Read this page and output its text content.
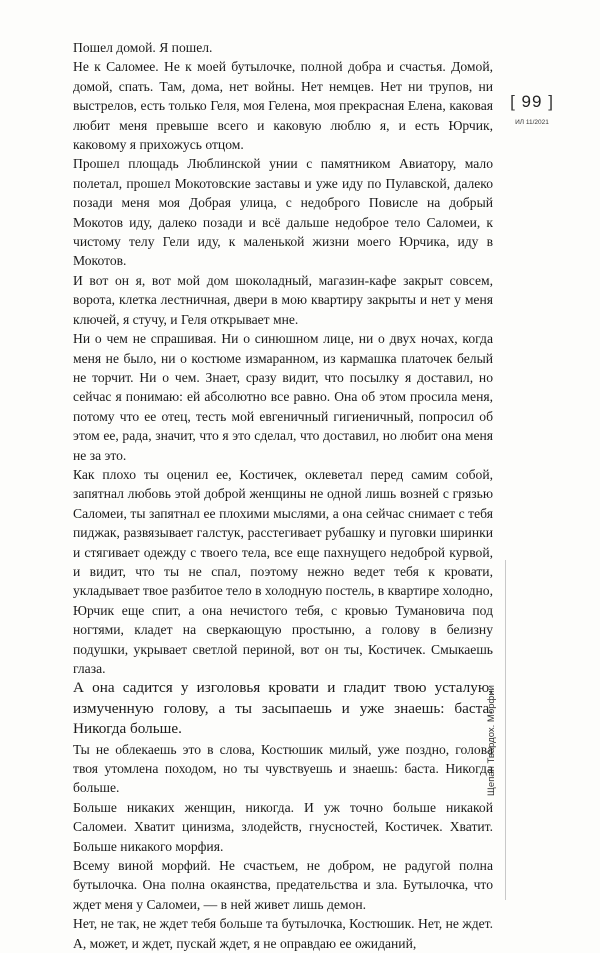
Пошел домой. Я пошел.

Не к Саломее. Не к моей бутылочке, полной добра и счастья. Домой, домой, спать. Там, дома, нет войны. Нет немцев. Нет ни трупов, ни выстрелов, есть только Геля, моя Гелена, моя прекрасная Елена, каковая любит меня превыше всего и каковую люблю я, и есть Юрчик, каковому я прихожусь отцом.

Прошел площадь Люблинской унии с памятником Авиатору, мало полетал, прошел Мокотовские заставы и уже иду по Пулавской, далеко позади меня моя Добрая улица, с недоброго Повисле на добрый Мокотов иду, далеко позади и всё дальше недоброе тело Саломеи, к чистому телу Гели иду, к маленькой жизни моего Юрчика, иду в Мокотов.

И вот он я, вот мой дом шоколадный, магазин-кафе закрыт совсем, ворота, клетка лестничная, двери в мою квартиру закрыты и нет у меня ключей, я стучу, и Геля открывает мне.

Ни о чем не спрашивая. Ни о синюшном лице, ни о двух ночах, когда меня не было, ни о костюме измаранном, из кармашка платочек белый не торчит. Ни о чем. Знает, сразу видит, что посылку я доставил, но сейчас я понимаю: ей абсолютно все равно. Она об этом просила меня, потому что ее отец, тесть мой евгеничный гигиеничный, попросил об этом ее, рада, значит, что я это сделал, что доставил, но любит она меня не за это.

Как плохо ты оценил ее, Костичек, оклеветал перед самим собой, запятнал любовь этой доброй женщины не одной лишь возней с грязью Саломеи, ты запятнал ее плохими мыслями, а она сейчас снимает с тебя пиджак, развязывает галстук, расстегивает рубашку и пуговки ширинки и стягивает одежду с твоего тела, все еще пахнущего недоброй курвой, и видит, что ты не спал, поэтому нежно ведет тебя к кровати, укладывает твое разбитое тело в холодную постель, в квартире холодно, Юрчик еще спит, а она нечистого тебя, с кровью Тумановича под ногтями, кладет на сверкающую простыню, а голову в белизну подушки, укрывает светлой периной, вот он ты, Костичек. Смыкаешь глаза.

А она садится у изголовья кровати и гладит твою усталую, измученную голову, а ты засыпаешь и уже знаешь: баста. Никогда больше.

Ты не облекаешь это в слова, Костюшик милый, уже поздно, голова твоя утомлена походом, но ты чувствуешь и знаешь: баста. Никогда больше.

Больше никаких женщин, никогда. И уж точно больше никакой Саломеи. Хватит цинизма, злодейств, гнусностей, Костичек. Хватит. Больше никакого морфия.

Всему виной морфий. Не счастьем, не добром, не радугой полна бутылочка. Она полна окаянства, предательства и зла. Бутылочка, что ждет меня у Саломеи, — в ней живет лишь демон.

Нет, не так, не ждет тебя больше та бутылочка, Костюшик. Нет, не ждет. А, может, и ждет, пускай ждет, я не оправдаю ее ожиданий,

[ 99 ]
ИЛ 11/2021
Щепан Твардох. Морфий
